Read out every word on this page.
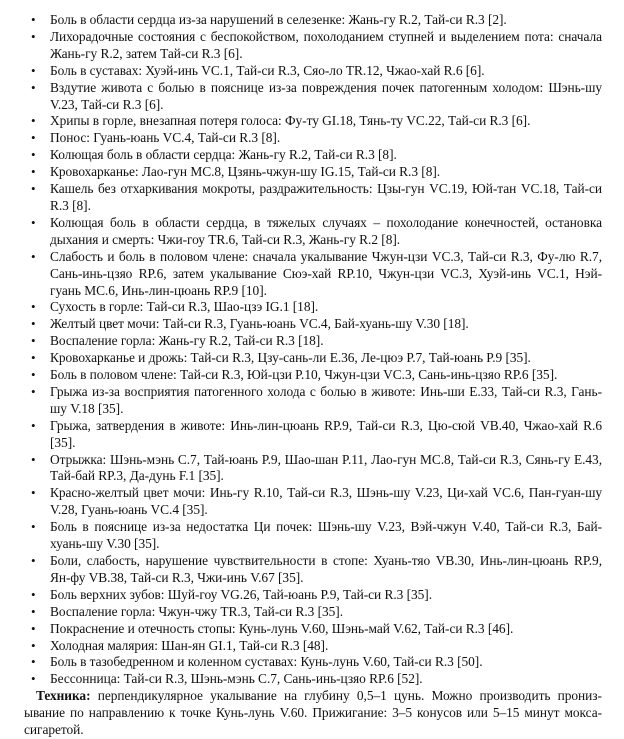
• Боль в области сердца из-за нарушений в селезенке: Жань-гу R.2, Тай-си R.3 [2].
• Лихорадочные состояния с беспокойством, похолоданием ступней и выделением пота: сначала Жань-гу R.2, затем Тай-си R.3 [6].
• Боль в суставах: Хуэй-инь VC.1, Тай-си R.3, Сяо-ло TR.12, Чжао-хай R.6 [6].
• Вздутие живота с болью в пояснице из-за повреждения почек патогенным холодом: Шэнь-шу V.23, Тай-си R.3 [6].
• Хрипы в горле, внезапная потеря голоса: Фу-ту GI.18, Тянь-ту VC.22, Тай-си R.3 [6].
• Понос: Гуань-юань VC.4, Тай-си R.3 [8].
• Колющая боль в области сердца: Жань-гу R.2, Тай-си R.3 [8].
• Кровохарканье: Лао-гун МС.8, Цзянь-чжун-шу IG.15, Тай-си R.3 [8].
• Кашель без отхаркивания мокроты, раздражительность: Цзы-гун VC.19, Юй-тан VC.18, Тай-си R.3 [8].
• Колющая боль в области сердца, в тяжелых случаях – похолодание конечностей, остановка дыхания и смерть: Чжи-гоу TR.6, Тай-си R.3, Жань-гу R.2 [8].
• Слабость и боль в половом члене: сначала укалывание Чжун-цзи VC.3, Тай-си R.3, Фу-лю R.7, Сань-инь-цзяо RP.6, затем укалывание Сюэ-хай RP.10, Чжун-цзи VC.3, Хуэй-инь VC.1, Нэй-гуань МС.6, Инь-лин-цюань RP.9 [10].
• Сухость в горле: Тай-си R.3, Шао-цзэ IG.1 [18].
• Желтый цвет мочи: Тай-си R.3, Гуань-юань VC.4, Бай-хуань-шу V.30 [18].
• Воспаление горла: Жань-гу R.2, Тай-си R.3 [18].
• Кровохарканье и дрожь: Тай-си R.3, Цзу-сань-ли Е.36, Ле-цюэ P.7, Тай-юань P.9 [35].
• Боль в половом члене: Тай-си R.3, Юй-цзи P.10, Чжун-цзи VC.3, Сань-инь-цзяо RP.6 [35].
• Грыжа из-за восприятия патогенного холода с болью в животе: Инь-ши Е.33, Тай-си R.3, Гань-шу V.18 [35].
• Грыжа, затвердения в животе: Инь-лин-цюань RP.9, Тай-си R.3, Цю-сюй VB.40, Чжао-хай R.6 [35].
• Отрыжка: Шэнь-мэнь С.7, Тай-юань P.9, Шао-шан P.11, Лао-гун МС.8, Тай-си R.3, Сянь-гу Е.43, Тай-бай RP.3, Да-дунь F.1 [35].
• Красно-желтый цвет мочи: Инь-гу R.10, Тай-си R.3, Шэнь-шу V.23, Ци-хай VC.6, Пан-гуан-шу V.28, Гуань-юань VC.4 [35].
• Боль в пояснице из-за недостатка Ци почек: Шэнь-шу V.23, Вэй-чжун V.40, Тай-си R.3, Бай-хуань-шу V.30 [35].
• Боли, слабость, нарушение чувствительности в стопе: Хуань-тяо VB.30, Инь-лин-цюань RP.9, Ян-фу VB.38, Тай-си R.3, Чжи-инь V.67 [35].
• Боль верхних зубов: Шуй-гоу VG.26, Тай-юань P.9, Тай-си R.3 [35].
• Воспаление горла: Чжун-чжу TR.3, Тай-си R.3 [35].
• Покраснение и отечность стопы: Кунь-лунь V.60, Шэнь-май V.62, Тай-си R.3 [46].
• Холодная малярия: Шан-ян GI.1, Тай-си R.3 [48].
• Боль в тазобедренном и коленном суставах: Кунь-лунь V.60, Тай-си R.3 [50].
• Бессонница: Тай-си R.3, Шэнь-мэнь С.7, Сань-инь-цзяо RP.6 [52].

Техника: перпендикулярное укалывание на глубину 0,5–1 цунь. Можно производить пронизывание по направлению к точке Кунь-лунь V.60. Прижигание: 3–5 конусов или 5–15 минут мокса-сигаретой.
